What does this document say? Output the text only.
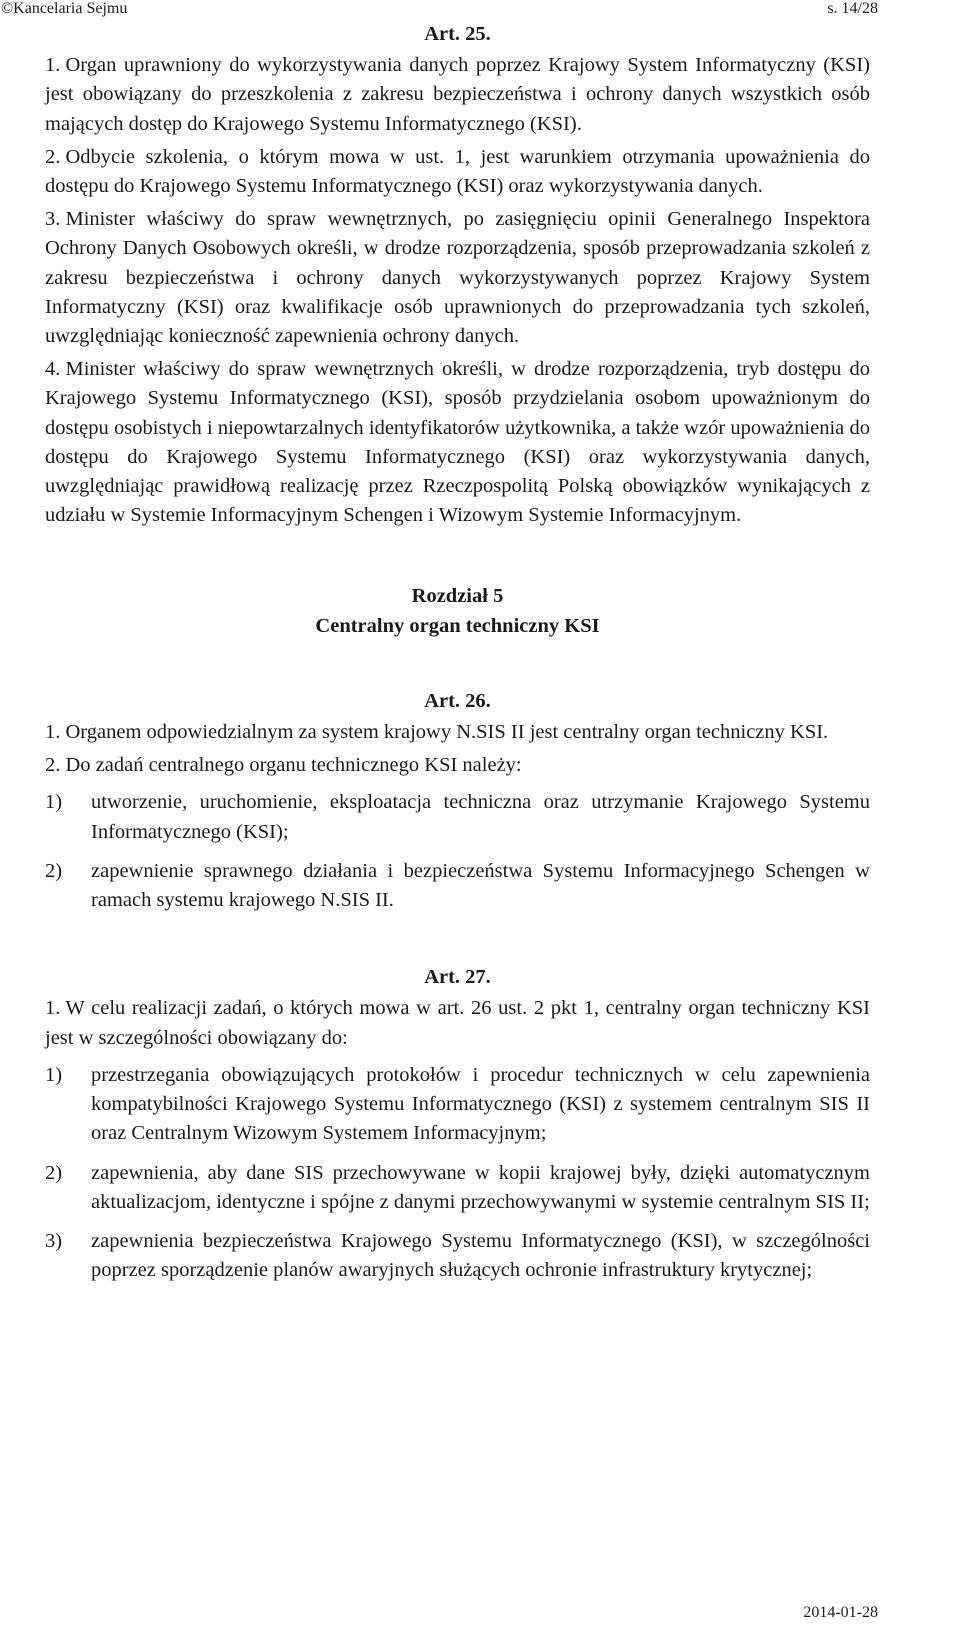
©Kancelaria Sejmu	s. 14/28
Art. 25.

1. Organ uprawniony do wykorzystywania danych poprzez Krajowy System Informatyczny (KSI) jest obowiązany do przeszkolenia z zakresu bezpieczeństwa i ochrony danych wszystkich osób mających dostęp do Krajowego Systemu Informatycznego (KSI).

2. Odbycie szkolenia, o którym mowa w ust. 1, jest warunkiem otrzymania upoważnienia do dostępu do Krajowego Systemu Informatycznego (KSI) oraz wykorzystywania danych.

3. Minister właściwy do spraw wewnętrznych, po zasięgnięciu opinii Generalnego Inspektora Ochrony Danych Osobowych określi, w drodze rozporządzenia, sposób przeprowadzania szkoleń z zakresu bezpieczeństwa i ochrony danych wykorzystywanych poprzez Krajowy System Informatyczny (KSI) oraz kwalifikacje osób uprawnionych do przeprowadzania tych szkoleń, uwzględniając konieczność zapewnienia ochrony danych.

4. Minister właściwy do spraw wewnętrznych określi, w drodze rozporządzenia, tryb dostępu do Krajowego Systemu Informatycznego (KSI), sposób przydzielania osobom upoważnionym do dostępu osobistych i niepowtarzalnych identyfikatorów użytkownika, a także wzór upoważnienia do dostępu do Krajowego Systemu Informatycznego (KSI) oraz wykorzystywania danych, uwzględniając prawidłową realizację przez Rzeczpospolitą Polską obowiązków wynikających z udziału w Systemie Informacyjnym Schengen i Wizowym Systemie Informacyjnym.

Rozdział 5
Centralny organ techniczny KSI
Art. 26.

1. Organem odpowiedzialnym za system krajowy N.SIS II jest centralny organ techniczny KSI.

2. Do zadań centralnego organu technicznego KSI należy:

1)	utworzenie, uruchomienie, eksploatacja techniczna oraz utrzymanie Krajowego Systemu Informatycznego (KSI);
2)	zapewnienie sprawnego działania i bezpieczeństwa Systemu Informacyjnego Schengen w ramach systemu krajowego N.SIS II.
Art. 27.

1. W celu realizacji zadań, o których mowa w art. 26 ust. 2 pkt 1, centralny organ techniczny KSI jest w szczególności obowiązany do:

1)	przestrzegania obowiązujących protokołów i procedur technicznych w celu zapewnienia kompatybilności Krajowego Systemu Informatycznego (KSI) z systemem centralnym SIS II oraz Centralnym Wizowym Systemem Informacyjnym;
2)	zapewnienia, aby dane SIS przechowywane w kopii krajowej były, dzięki automatycznym aktualizacjom, identyczne i spójne z danymi przechowywanymi w systemie centralnym SIS II;
3)	zapewnienia bezpieczeństwa Krajowego Systemu Informatycznego (KSI), w szczególności poprzez sporządzenie planów awaryjnych służących ochronie infrastruktury krytycznej;
2014-01-28
